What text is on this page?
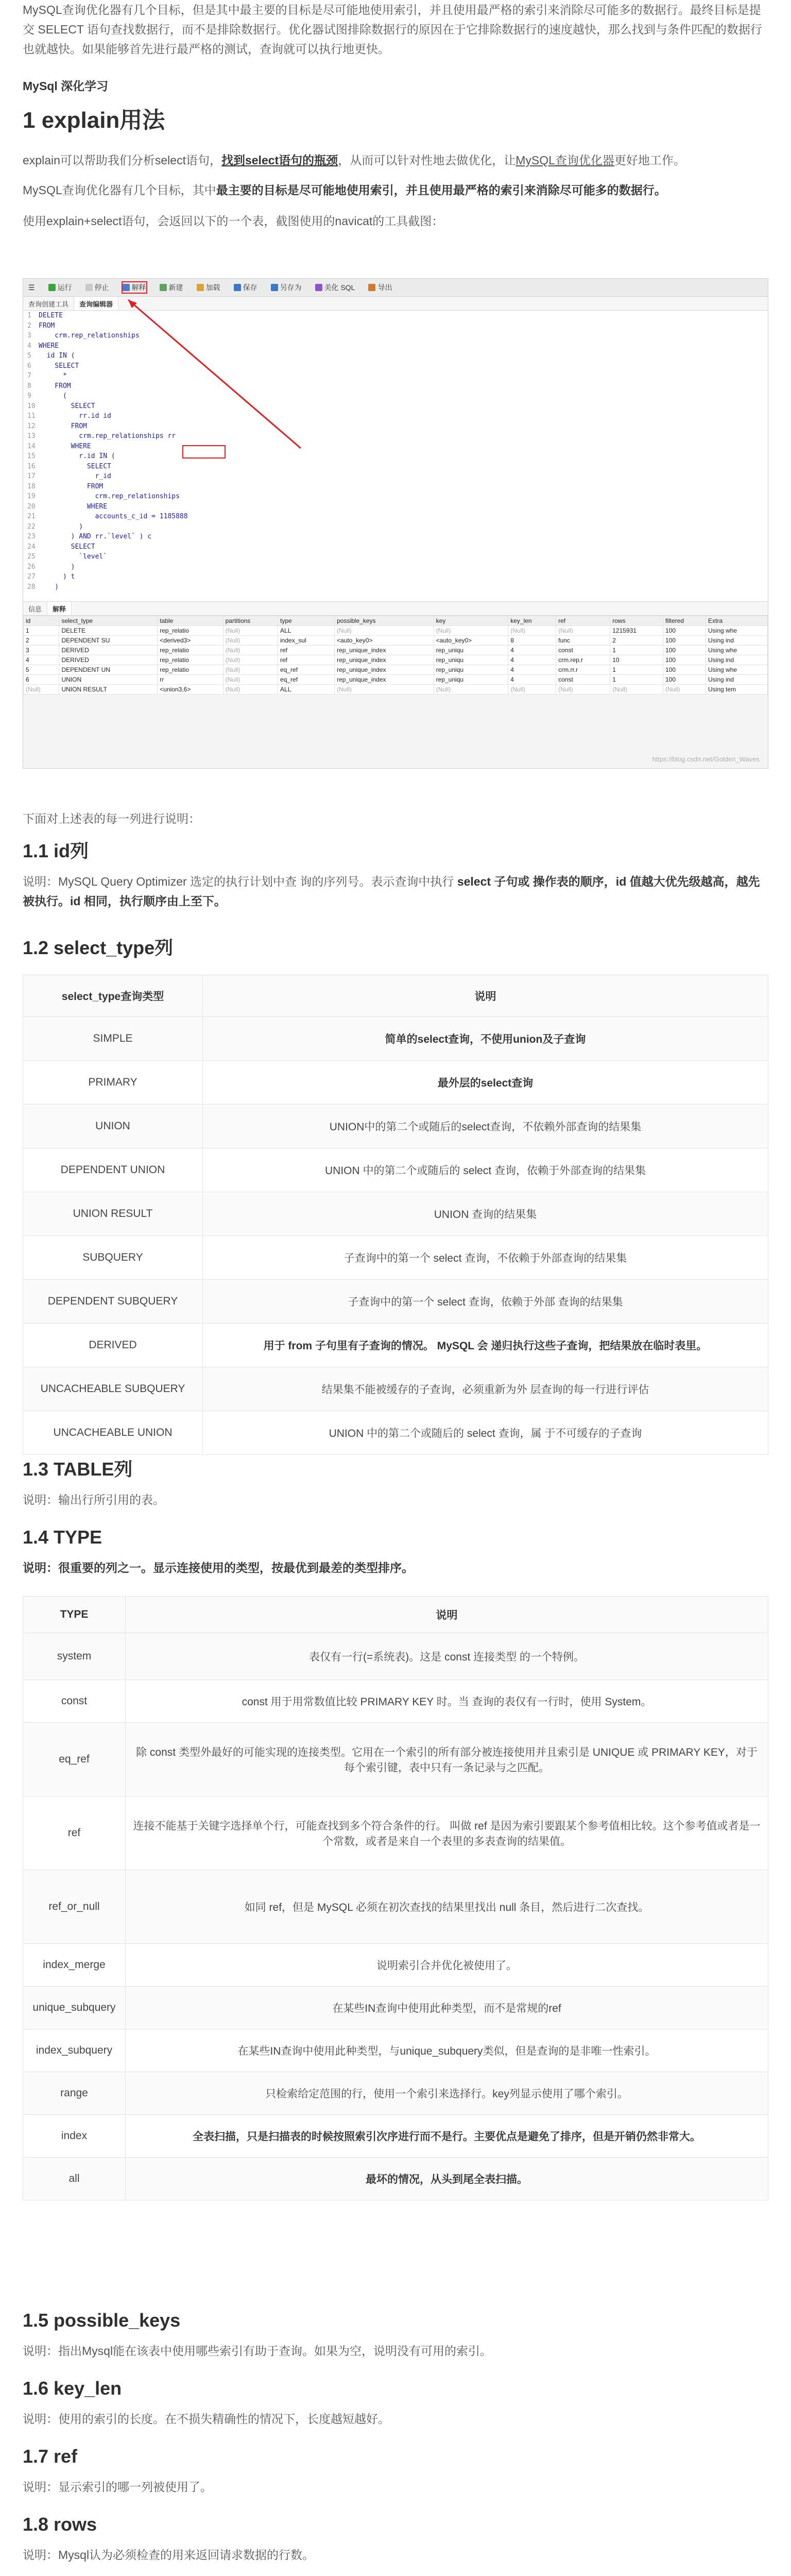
MySQL查询优化器有几个目标，但是其中最主要的目标是尽可能地使用索引，并且使用最严格的索引来消除尽可能多的数据行。最终目标是提交 SELECT 语句查找数据行，而不是排除数据行。优化器试图排除数据行的原因在于它排除数据行的速度越快，那么找到与条件匹配的数据行也就越快。如果能够首先进行最严格的测试，查询就可以执行地更快。

MySql 深化学习

1 explain用法

explain可以帮助我们分析select语句，找到select语句的瓶颈，从而可以针对性地去做优化，让MySQL查询优化器更好地工作。

MySQL查询优化器有几个目标，其中最主要的目标是尽可能地使用索引，并且使用最严格的索引来消除尽可能多的数据行。

使用explain+select语句，会返回以下的一个表，截图使用的navicat的工具截图：

☰	运行	停止	解释	新建	加载	保存	另存为	美化 SQL	导出
查询创建工具	查询编辑器
1 DELETE
2 FROM
3    crm.rep_relationships
4 WHERE
5  id IN (
6    SELECT
7      *
8    FROM
9      (
10        SELECT
11          rr.id id
12        FROM
13          crm.rep_relationships rr
14        WHERE
15          r.id IN (
16            SELECT
17              r_id
18            FROM
19              crm.rep_relationships
20            WHERE
21              accounts_c_id = 1185888
22          )
23        ) AND rr.`level` ) c
24        SELECT
25          `level`
26        )
27      ) t
28    )
信息	解释
id	select_type	table	partitions	type	possible_keys	key	key_len	ref	rows	filtered	Extra
1	DELETE	rep_relatio	(Null)	ALL	(Null)	(Null)	(Null)	(Null)	1215931	100	Using whe
2	DEPENDENT SU	<derived3>	(Null)	index_sul	<auto_key0>	<auto_key0>	8	func	2	100	Using ind
3	DERIVED	rep_relatio	(Null)	ref	rep_unique_index	rep_uniqu	4	const	1	100	Using whe
4	DERIVED	rep_relatio	(Null)	ref	rep_unique_index	rep_uniqu	4	crm.rep.r	10	100	Using ind
5	DEPENDENT UN	rep_relatio	(Null)	eq_ref	rep_unique_index	rep_uniqu	4	crm.rr.r	1	100	Using whe
6	UNION	rr	(Null)	eq_ref	rep_unique_index	rep_uniqu	4	const	1	100	Using ind
(Null)	UNION RESULT	<union3,6>	(Null)	ALL	(Null)	(Null)	(Null)	(Null)	(Null)	(Null)	Using tem
https://blog.csdn.net/Golden_Waves

下面对上述表的每一列进行说明：

1.1 id列

说明：MySQL Query Optimizer 选定的执行计划中查 询的序列号。表示查询中执行 select 子句或 操作表的顺序，id 值越大优先级越高，越先 被执行。id 相同，执行顺序由上至下。

1.2 select_type列
select_type查询类型	说明
SIMPLE	简单的select查询，不使用union及子查询
PRIMARY	最外层的select查询
UNION	UNION中的第二个或随后的select查询，不依赖外部查询的结果集
DEPENDENT UNION	UNION 中的第二个或随后的 select 查询，依赖于外部查询的结果集
UNION RESULT	UNION 查询的结果集
SUBQUERY	子查询中的第一个 select 查询，不依赖于外部查询的结果集
DEPENDENT SUBQUERY	子查询中的第一个 select 查询，依赖于外部 查询的结果集
DERIVED	用于 from 子句里有子查询的情况。 MySQL 会 递归执行这些子查询，把结果放在临时表里。
UNCACHEABLE SUBQUERY	结果集不能被缓存的子查询，必须重新为外 层查询的每一行进行评估
UNCACHEABLE UNION	UNION 中的第二个或随后的 select 查询，属 于不可缓存的子查询
1.3 TABLE列

说明：输出行所引用的表。

1.4 TYPE

说明：很重要的列之一。显示连接使用的类型，按最优到最差的类型排序。

TYPE	说明
system	表仅有一行(=系统表)。这是 const 连接类型 的一个特例。
const	const 用于用常数值比较 PRIMARY KEY 时。当 查询的表仅有一行时，使用 System。
eq_ref	除 const 类型外最好的可能实现的连接类型。它用在一个索引的所有部分被连接使用并且索引是 UNIQUE 或 PRIMARY KEY，对于每个索引键，表中只有一条记录与之匹配。
ref	连接不能基于关键字选择单个行，可能查找到多个符合条件的行。 叫做 ref 是因为索引要跟某个参考值相比较。这个参考值或者是一个常数，或者是来自一个表里的多表查询的结果值。
ref_or_null	如同 ref，但是 MySQL 必须在初次查找的结果里找出 null 条目，然后进行二次查找。
index_merge	说明索引合并优化被使用了。
unique_subquery	在某些IN查询中使用此种类型，而不是常规的ref
index_subquery	在某些IN查询中使用此种类型，与unique_subquery类似，但是查询的是非唯一性索引。
range	只检索给定范围的行，使用一个索引来选择行。key列显示使用了哪个索引。
index	全表扫描，只是扫描表的时候按照索引次序进行而不是行。主要优点是避免了排序，但是开销仍然非常大。
all	最坏的情况，从头到尾全表扫描。
1.5 possible_keys

说明：指出Mysql能在该表中使用哪些索引有助于查询。如果为空，说明没有可用的索引。

1.6 key_len

说明：使用的索引的长度。在不损失精确性的情况下，长度越短越好。

1.7 ref

说明：显示索引的哪一列被使用了。

1.8 rows

说明：Mysql认为必须检查的用来返回请求数据的行数。
